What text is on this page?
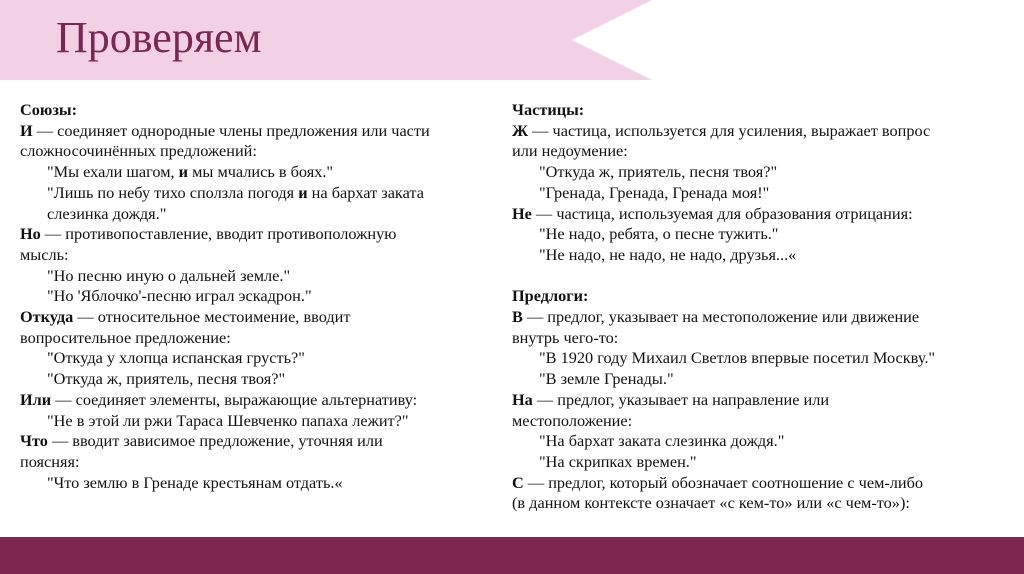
Проверяем
Союзы:
И — соединяет однородные члены предложения или части
сложносочинённых предложений:
"Мы ехали шагом, и мы мчались в боях."
"Лишь по небу тихо сползла погодя и на бархат заката
слезинка дождя."
Но — противопоставление, вводит противоположную
мысль:
"Но песню иную о дальней земле."
"Но 'Яблочко'-песню играл эскадрон."
Откуда — относительное местоимение, вводит
вопросительное предложение:
"Откуда у хлопца испанская грусть?"
"Откуда ж, приятель, песня твоя?"
Или — соединяет элементы, выражающие альтернативу:
"Не в этой ли ржи Тараса Шевченко папаха лежит?"
Что — вводит зависимое предложение, уточняя или
поясняя:
"Что землю в Гренаде крестьянам отдать.«
Частицы:
Ж — частица, используется для усиления, выражает вопрос
или недоумение:
"Откуда ж, приятель, песня твоя?"
"Гренада, Гренада, Гренада моя!"
Не — частица, используемая для образования отрицания:
"Не надо, ребята, о песне тужить."
"Не надо, не надо, не надо, друзья...«
Предлоги:
В — предлог, указывает на местоположение или движение
внутрь чего-то:
"В 1920 году Михаил Светлов впервые посетил Москву."
"В земле Гренады."
На — предлог, указывает на направление или
местоположение:
"На бархат заката слезинка дождя."
"На скрипках времен."
С — предлог, который обозначает соотношение с чем-либо
(в данном контексте означает «с кем-то» или «с чем-то»):
